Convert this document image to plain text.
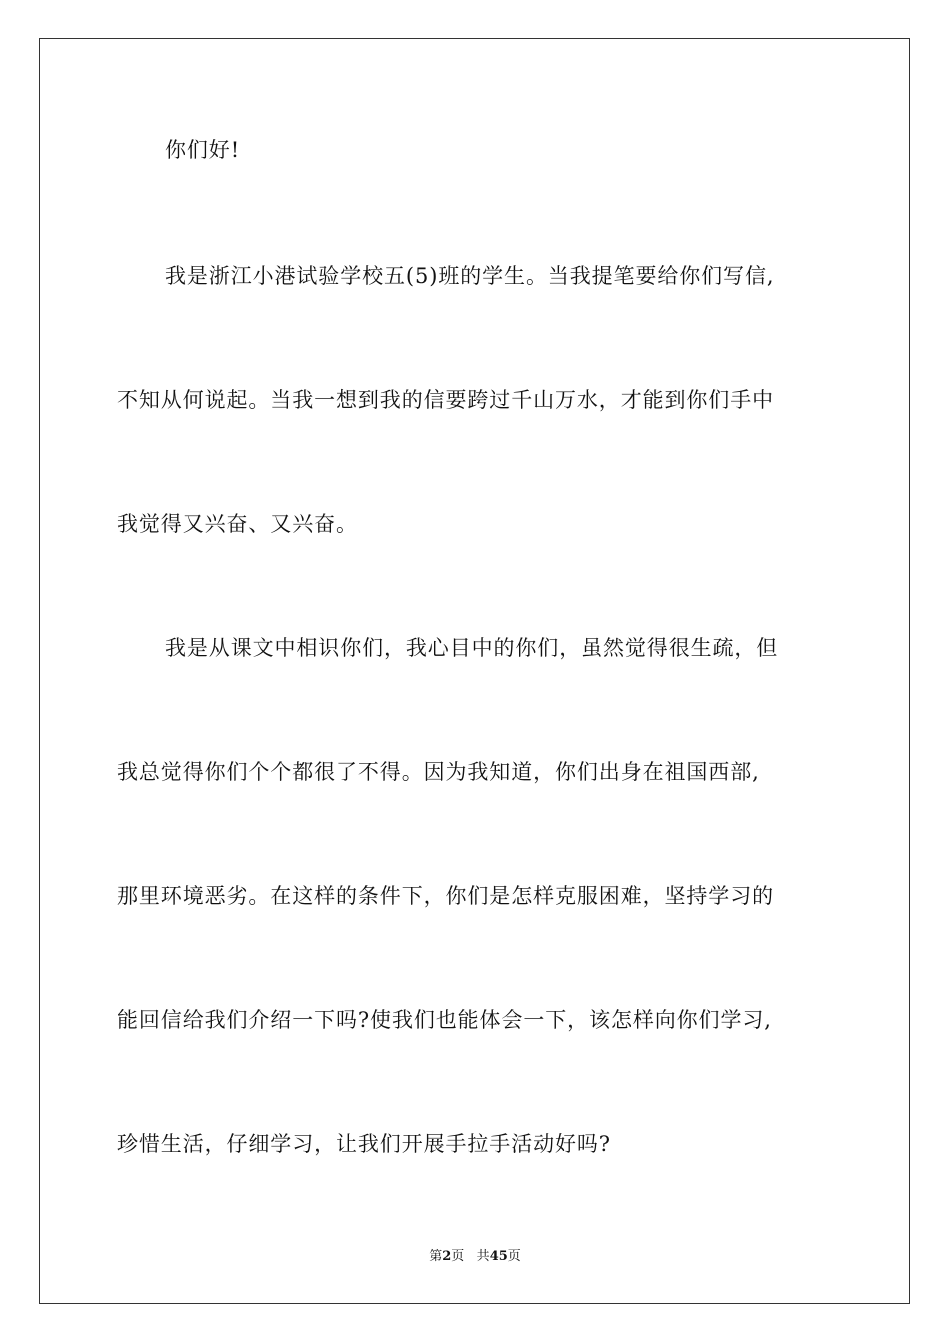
你们好!
我是浙江小港试验学校五(5)班的学生。当我提笔要给你们写信,
不知从何说起。当我一想到我的信要跨过千山万水，才能到你们手中
我觉得又兴奋、又兴奋。
我是从课文中相识你们，我心目中的你们，虽然觉得很生疏，但
我总觉得你们个个都很了不得。因为我知道，你们出身在祖国西部,
那里环境恶劣。在这样的条件下，你们是怎样克服困难，坚持学习的
能回信给我们介绍一下吗?使我们也能体会一下，该怎样向你们学习,
珍惜生活，仔细学习，让我们开展手拉手活动好吗?
第2页 共45页
